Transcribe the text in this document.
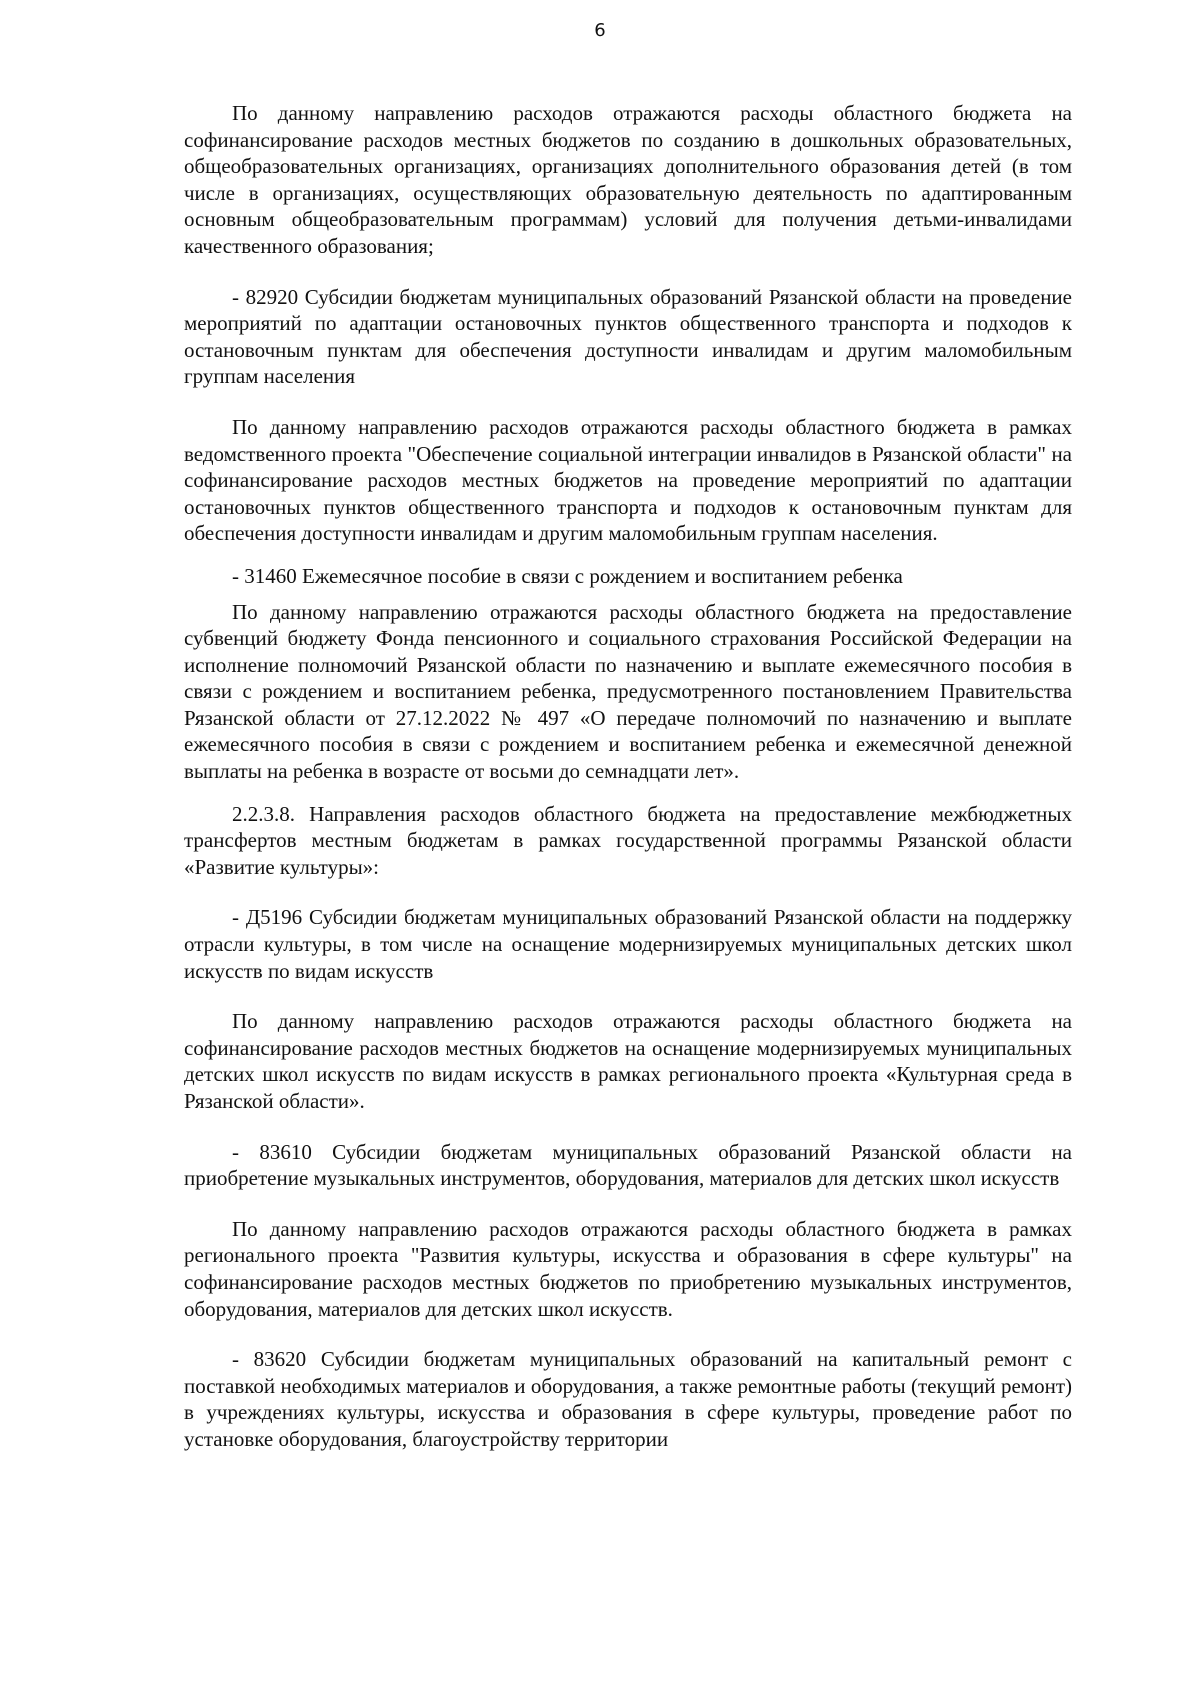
6

По данному направлению расходов отражаются расходы областного бюджета на софинансирование расходов местных бюджетов по созданию в дошкольных образовательных, общеобразовательных организациях, организациях дополнительного образования детей (в том числе в организациях, осуществляющих образовательную деятельность по адаптированным основным общеобразовательным программам) условий для получения детьми-инвалидами качественного образования;

- 82920 Субсидии бюджетам муниципальных образований Рязанской области на проведение мероприятий по адаптации остановочных пунктов общественного транспорта и подходов к остановочным пунктам для обеспечения доступности инвалидам и другим маломобильным группам населения

По данному направлению расходов отражаются расходы областного бюджета в рамках ведомственного проекта "Обеспечение социальной интеграции инвалидов в Рязанской области" на софинансирование расходов местных бюджетов на проведение мероприятий по адаптации остановочных пунктов общественного транспорта и подходов к остановочным пунктам для обеспечения доступности инвалидам и другим маломобильным группам населения.

- 31460 Ежемесячное пособие в связи с рождением и воспитанием ребенка

По данному направлению отражаются расходы областного бюджета на предоставление субвенций бюджету Фонда пенсионного и социального страхования Российской Федерации на исполнение полномочий Рязанской области по назначению и выплате ежемесячного пособия в связи с рождением и воспитанием ребенка, предусмотренного постановлением Правительства Рязанской области от 27.12.2022 № 497 «О передаче полномочий по назначению и выплате ежемесячного пособия в связи с рождением и воспитанием ребенка и ежемесячной денежной выплаты на ребенка в возрасте от восьми до семнадцати лет».

2.2.3.8. Направления расходов областного бюджета на предоставление межбюджетных трансфертов местным бюджетам в рамках государственной программы Рязанской области «Развитие культуры»:

- Д5196 Субсидии бюджетам муниципальных образований Рязанской области на поддержку отрасли культуры, в том числе на оснащение модернизируемых муниципальных детских школ искусств по видам искусств

По данному направлению расходов отражаются расходы областного бюджета на софинансирование расходов местных бюджетов на оснащение модернизируемых муниципальных детских школ искусств по видам искусств в рамках регионального проекта «Культурная среда в Рязанской области».

- 83610 Субсидии бюджетам муниципальных образований Рязанской области на приобретение музыкальных инструментов, оборудования, материалов для детских школ искусств

По данному направлению расходов отражаются расходы областного бюджета в рамках регионального проекта "Развития культуры, искусства и образования в сфере культуры" на софинансирование расходов местных бюджетов по приобретению музыкальных инструментов, оборудования, материалов для детских школ искусств.

- 83620 Субсидии бюджетам муниципальных образований на капитальный ремонт с поставкой необходимых материалов и оборудования, а также ремонтные работы (текущий ремонт) в учреждениях культуры, искусства и образования в сфере культуры, проведение работ по установке оборудования, благоустройству территории
